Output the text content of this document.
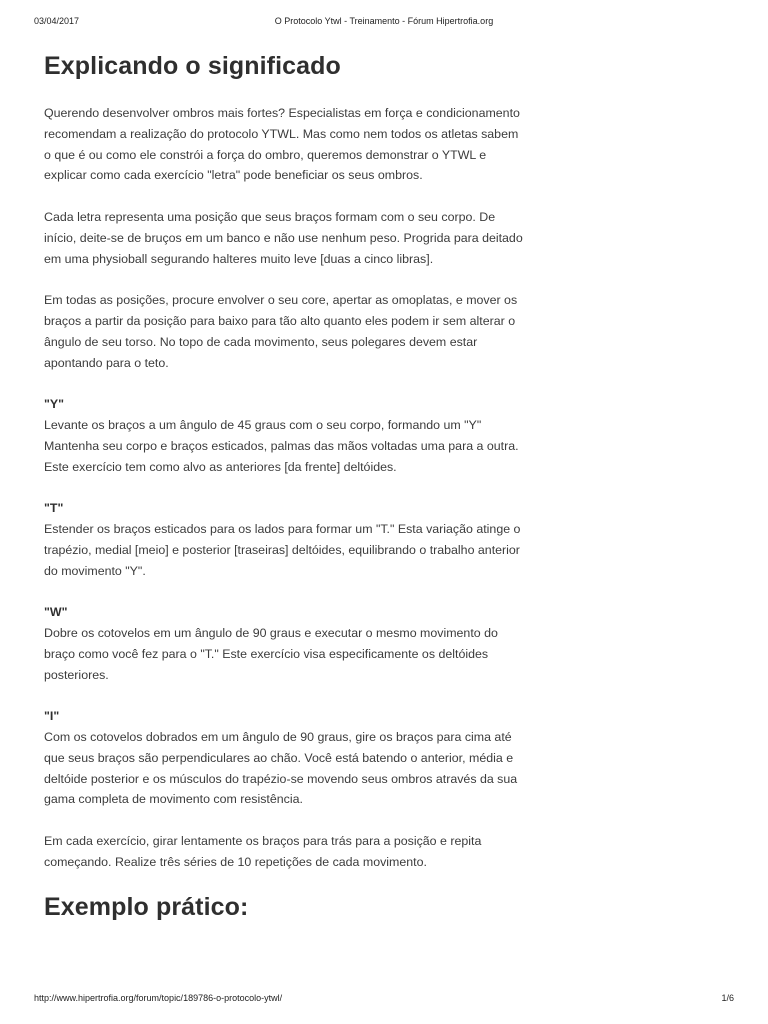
03/04/2017	O Protocolo Ytwl - Treinamento - Fórum Hipertrofia.org
Explicando o significado

Querendo desenvolver ombros mais fortes? Especialistas em força e condicionamento recomendam a realização do protocolo YTWL. Mas como nem todos os atletas sabem o que é ou como ele constrói a força do ombro, queremos demonstrar o YTWL e explicar como cada exercício "letra" pode beneficiar os seus ombros.

Cada letra representa uma posição que seus braços formam com o seu corpo. De início, deite-se de bruços em um banco e não use nenhum peso. Progrida para deitado em uma physioball segurando halteres muito leve [duas a cinco libras].

Em todas as posições, procure envolver o seu core, apertar as omoplatas, e mover os braços a partir da posição para baixo para tão alto quanto eles podem ir sem alterar o ângulo de seu torso. No topo de cada movimento, seus polegares devem estar apontando para o teto.

"Y"

Levante os braços a um ângulo de 45 graus com o seu corpo, formando um "Y" Mantenha seu corpo e braços esticados, palmas das mãos voltadas uma para a outra. Este exercício tem como alvo as anteriores [da frente] deltóides.

"T"

Estender os braços esticados para os lados para formar um "T." Esta variação atinge o trapézio, medial [meio] e posterior [traseiras] deltóides, equilibrando o trabalho anterior do movimento "Y".

"W"

Dobre os cotovelos em um ângulo de 90 graus e executar o mesmo movimento do braço como você fez para o "T." Este exercício visa especificamente os deltóides posteriores.

"I"

Com os cotovelos dobrados em um ângulo de 90 graus, gire os braços para cima até que seus braços são perpendiculares ao chão. Você está batendo o anterior, média e deltóide posterior e os músculos do trapézio-se movendo seus ombros através da sua gama completa de movimento com resistência.

Em cada exercício, girar lentamente os braços para trás para a posição e repita começando. Realize três séries de 10 repetições de cada movimento.

Exemplo prático:
http://www.hipertrofia.org/forum/topic/189786-o-protocolo-ytwl/	1/6
